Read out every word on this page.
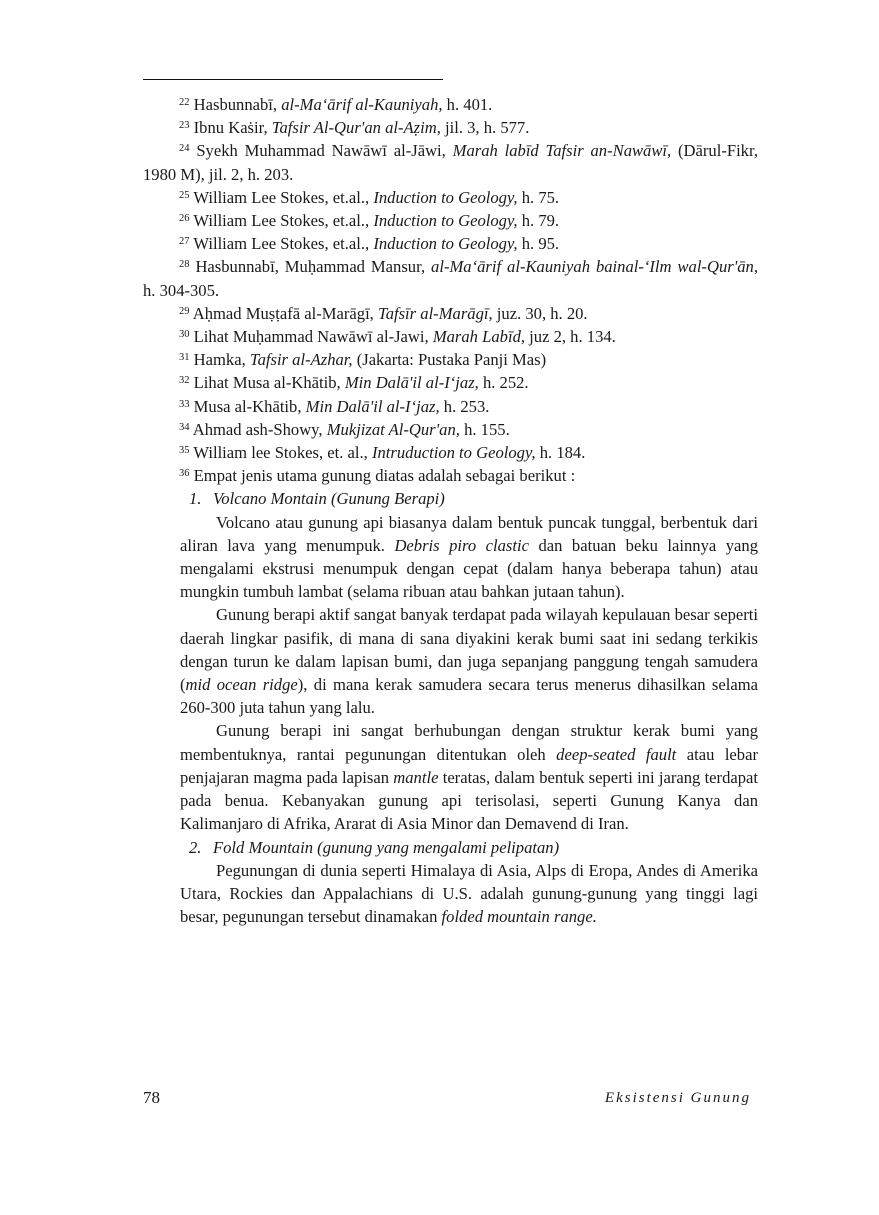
$^{22}$ Hasbunnabī, al-Ma‘ārif al-Kauniyah, h. 401.

$^{23}$ Ibnu Kaṡir, Tafsir Al-Qur'an al-Aẓim, jil. 3, h. 577.

$^{24}$ Syekh Muhammad Nawāwī al-Jāwi, Marah labīd Tafsir an-Nawāwī, (Dārul-Fikr, 1980 M), jil. 2, h. 203.

$^{25}$ William Lee Stokes, et.al., Induction to Geology, h. 75.

$^{26}$ William Lee Stokes, et.al., Induction to Geology, h. 79.

$^{27}$ William Lee Stokes, et.al., Induction to Geology, h. 95.

$^{28}$ Hasbunnabī, Muḥammad Mansur, al-Ma‘ārif al-Kauniyah bainal-‘Ilm wal-Qur'ān, h. 304-305.

$^{29}$ Aḥmad Muṣṭafā al-Marāgī, Tafsīr al-Marāgī, juz. 30, h. 20.

$^{30}$ Lihat Muḥammad Nawāwī al-Jawi, Marah Labīd, juz 2, h. 134.

$^{31}$ Hamka, Tafsir al-Azhar, (Jakarta: Pustaka Panji Mas)

$^{32}$ Lihat Musa al-Khātib, Min Dalā'il al-I‘jaz, h. 252.

$^{33}$ Musa al-Khātib, Min Dalā'il al-I‘jaz, h. 253.

$^{34}$ Ahmad ash-Showy, Mukjizat Al-Qur'an, h. 155.

$^{35}$ William lee Stokes, et. al., Intruduction to Geology, h. 184.

$^{36}$ Empat jenis utama gunung diatas adalah sebagai berikut :

1. Volcano Montain (Gunung Berapi)

Volcano atau gunung api biasanya dalam bentuk puncak tunggal, berbentuk dari aliran lava yang menumpuk. Debris piro clastic dan batuan beku lainnya yang mengalami ekstrusi menumpuk dengan cepat (dalam hanya beberapa tahun) atau mungkin tumbuh lambat (selama ribuan atau bahkan jutaan tahun).

Gunung berapi aktif sangat banyak terdapat pada wilayah kepulauan besar seperti daerah lingkar pasifik, di mana di sana diyakini kerak bumi saat ini sedang terkikis dengan turun ke dalam lapisan bumi, dan juga sepanjang panggung tengah samudera (mid ocean ridge), di mana kerak samudera secara terus menerus dihasilkan selama 260-300 juta tahun yang lalu.

Gunung berapi ini sangat berhubungan dengan struktur kerak bumi yang membentuknya, rantai pegunungan ditentukan oleh deep-seated fault atau lebar penjajaran magma pada lapisan mantle teratas, dalam bentuk seperti ini jarang terdapat pada benua. Kebanyakan gunung api terisolasi, seperti Gunung Kanya dan Kalimanjaro di Afrika, Ararat di Asia Minor dan Demavend di Iran.

2. Fold Mountain (gunung yang mengalami pelipatan)

Pegunungan di dunia seperti Himalaya di Asia, Alps di Eropa, Andes di Amerika Utara, Rockies dan Appalachians di U.S. adalah gunung-gunung yang tinggi lagi besar, pegunungan tersebut dinamakan folded mountain range.

78	Eksistensi Gunung
